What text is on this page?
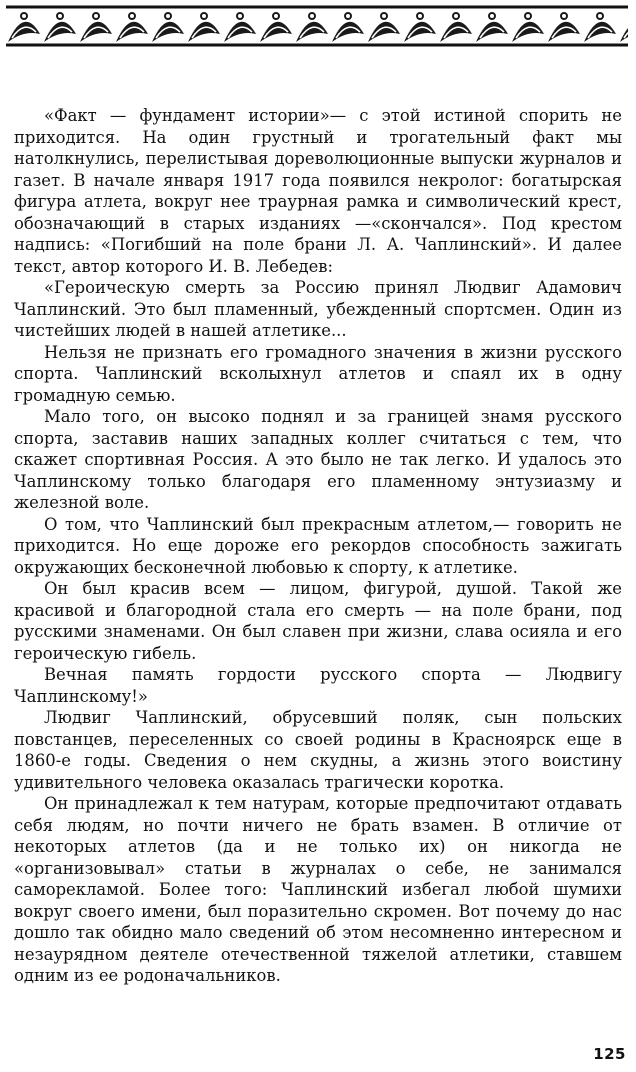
«Факт — фундамент истории»— с этой истиной спорить не приходится. На один грустный и трогательный факт мы натолкнулись, перелистывая дореволюционные выпуски журналов и газет. В начале января 1917 года появился некролог: богатырская фигура атлета, вокруг нее траурная рамка и символический крест, обозначающий в старых изданиях —«скончался». Под крестом надпись: «Погибший на поле брани Л. А. Чаплинский». И далее текст, автор которого И. В. Лебедев:

«Героическую смерть за Россию принял Людвиг Адамович Чаплинский. Это был пламенный, убежденный спортсмен. Один из чистейших людей в нашей атлетике...

Нельзя не признать его громадного значения в жизни русского спорта. Чаплинский всколыхнул атлетов и спаял их в одну громадную семью.

Мало того, он высоко поднял и за границей знамя русского спорта, заставив наших западных коллег считаться с тем, что скажет спортивная Россия. А это было не так легко. И удалось это Чаплинскому только благодаря его пламенному энтузиазму и железной воле.

О том, что Чаплинский был прекрасным атлетом,— говорить не приходится. Но еще дороже его рекордов способность зажигать окружающих бесконечной любовью к спорту, к атлетике.

Он был красив всем — лицом, фигурой, душой. Такой же красивой и благородной стала его смерть — на поле брани, под русскими знаменами. Он был славен при жизни, слава осияла и его героическую гибель.

Вечная память гордости русского спорта — Людвигу Чаплинскому!»

Людвиг Чаплинский, обрусевший поляк, сын польских повстанцев, переселенных со своей родины в Красноярск еще в 1860-е годы. Сведения о нем скудны, а жизнь этого воистину удивительного человека оказалась трагически коротка.

Он принадлежал к тем натурам, которые предпочитают отдавать себя людям, но почти ничего не брать взамен. В отличие от некоторых атлетов (да и не только их) он никогда не «организовывал» статьи в журналах о себе, не занимался саморекламой. Более того: Чаплинский избегал любой шумихи вокруг своего имени, был поразительно скромен. Вот почему до нас дошло так обидно мало сведений об этом несомненно интересном и незаурядном деятеле отечественной тяжелой атлетики, ставшем одним из ее родоначальников.

125
